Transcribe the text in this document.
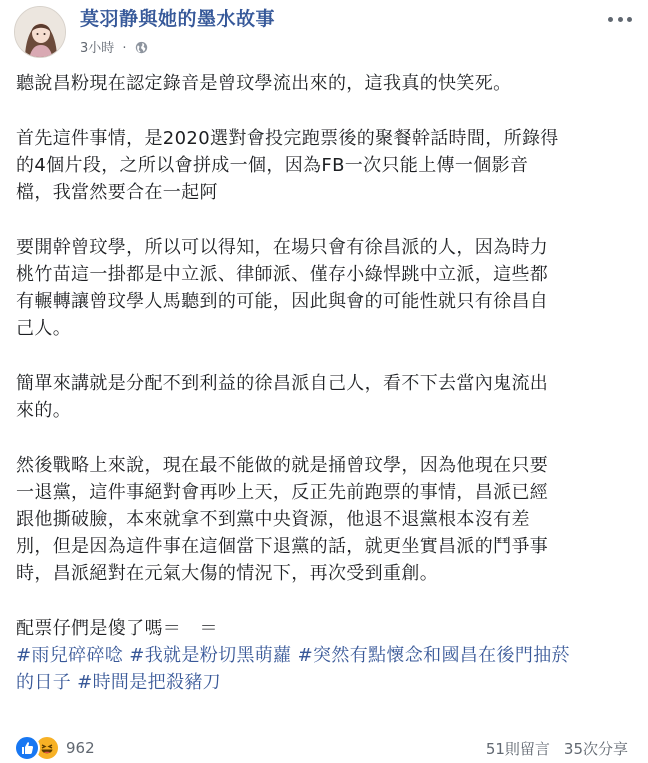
莫羽静與她的墨水故事
3小時 ·

聽說昌粉現在認定錄音是曾玟學流出來的，這我真的快笑死。

首先這件事情，是2020選對會投完跑票後的聚餐幹話時間，所錄得
的4個片段，之所以會拼成一個，因為FB一次只能上傳一個影音
檔，我當然要合在一起阿

要開幹曾玟學，所以可以得知，在場只會有徐昌派的人，因為時力
桃竹苗這一掛都是中立派、律師派、僅存小綠悍跳中立派，這些都
有輾轉讓曾玟學人馬聽到的可能，因此與會的可能性就只有徐昌自
己人。

簡單來講就是分配不到利益的徐昌派自己人，看不下去當內鬼流出
來的。

然後戰略上來說，現在最不能做的就是捅曾玟學，因為他現在只要
一退黨，這件事絕對會再吵上天，反正先前跑票的事情，昌派已經
跟他撕破臉，本來就拿不到黨中央資源，他退不退黨根本沒有差
別，但是因為這件事在這個當下退黨的話，就更坐實昌派的鬥爭事
時，昌派絕對在元氣大傷的情況下，再次受到重創。

配票仔們是傻了嗎＝　＝

#雨兒碎碎唸 #我就是粉切黑萌蘿 #突然有點懷念和國昌在後門抽菸
的日子 #時間是把殺豬刀

962	51則留言 35次分享
